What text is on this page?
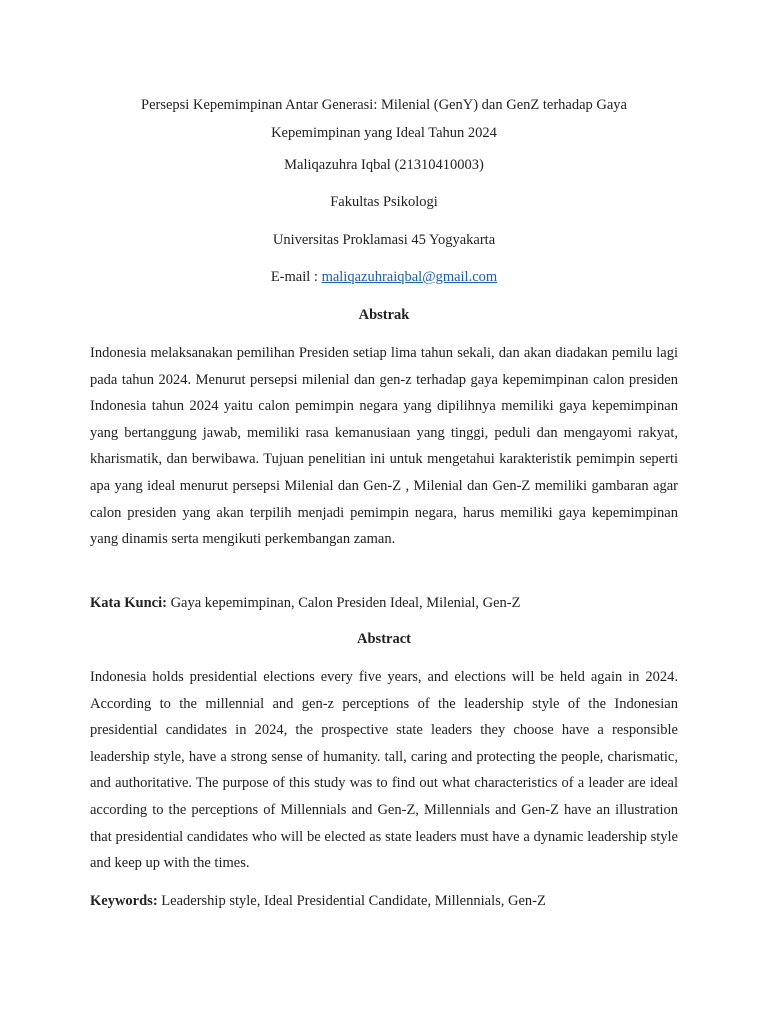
Persepsi Kepemimpinan Antar Generasi: Milenial (GenY) dan GenZ terhadap Gaya
Kepemimpinan yang Ideal Tahun 2024
Maliqazuhra Iqbal (21310410003)
Fakultas Psikologi
Universitas Proklamasi 45 Yogyakarta
E-mail : maliqazuhraiqbal@gmail.com
Abstrak
Indonesia melaksanakan pemilihan Presiden setiap lima tahun sekali, dan akan diadakan pemilu lagi pada tahun 2024. Menurut persepsi milenial dan gen-z terhadap gaya kepemimpinan calon presiden Indonesia tahun 2024 yaitu calon pemimpin negara yang dipilihnya memiliki gaya kepemimpinan yang bertanggung jawab, memiliki rasa kemanusiaan yang tinggi, peduli dan mengayomi rakyat, kharismatik, dan berwibawa. Tujuan penelitian ini untuk mengetahui karakteristik pemimpin seperti apa yang ideal menurut persepsi Milenial dan Gen-Z , Milenial dan Gen-Z memiliki gambaran agar calon presiden yang akan terpilih menjadi pemimpin negara, harus memiliki gaya kepemimpinan yang dinamis serta mengikuti perkembangan zaman.
Kata Kunci: Gaya kepemimpinan, Calon Presiden Ideal, Milenial, Gen-Z
Abstract
Indonesia holds presidential elections every five years, and elections will be held again in 2024. According to the millennial and gen-z perceptions of the leadership style of the Indonesian presidential candidates in 2024, the prospective state leaders they choose have a responsible leadership style, have a strong sense of humanity. tall, caring and protecting the people, charismatic, and authoritative. The purpose of this study was to find out what characteristics of a leader are ideal according to the perceptions of Millennials and Gen-Z, Millennials and Gen-Z have an illustration that presidential candidates who will be elected as state leaders must have a dynamic leadership style and keep up with the times.
Keywords: Leadership style, Ideal Presidential Candidate, Millennials, Gen-Z
